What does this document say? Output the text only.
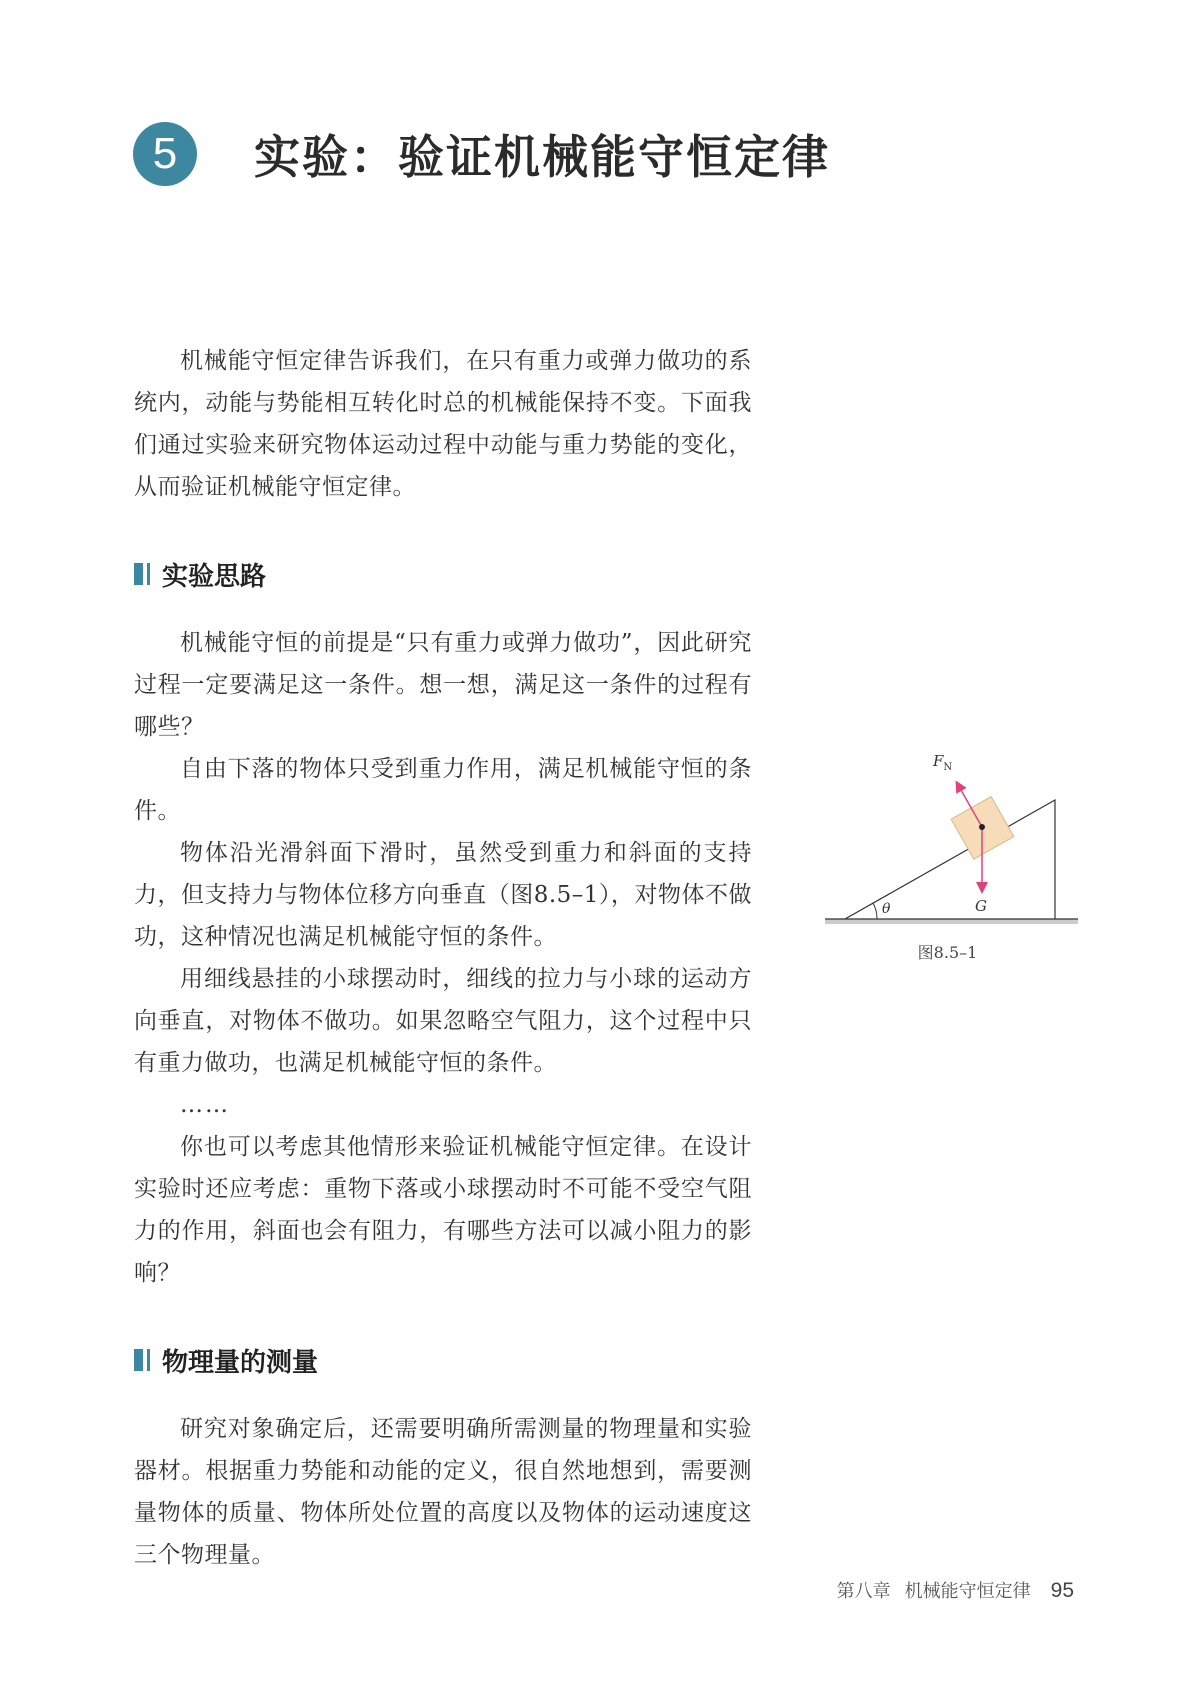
5	实验：验证机械能守恒定律

机械能守恒定律告诉我们，在只有重力或弹力做功的系统内，动能与势能相互转化时总的机械能保持不变。下面我们通过实验来研究物体运动过程中动能与重力势能的变化，从而验证机械能守恒定律。

实验思路

机械能守恒的前提是“只有重力或弹力做功”，因此研究过程一定要满足这一条件。想一想，满足这一条件的过程有哪些？

自由下落的物体只受到重力作用，满足机械能守恒的条件。

物体沿光滑斜面下滑时，虽然受到重力和斜面的支持力，但支持力与物体位移方向垂直（图8.5–1），对物体不做功，这种情况也满足机械能守恒的条件。

用细线悬挂的小球摆动时，细线的拉力与小球的运动方向垂直，对物体不做功。如果忽略空气阻力，这个过程中只有重力做功，也满足机械能守恒的条件。

……

你也可以考虑其他情形来验证机械能守恒定律。在设计实验时还应考虑：重物下落或小球摆动时不可能不受空气阻力的作用，斜面也会有阻力，有哪些方法可以减小阻力的影响？

物理量的测量

研究对象确定后，还需要明确所需测量的物理量和实验器材。根据重力势能和动能的定义，很自然地想到，需要测量物体的质量、物体所处位置的高度以及物体的运动速度这三个物理量。

$F_N$
G
θ
图8.5–1
第八章 机械能守恒定律 95
